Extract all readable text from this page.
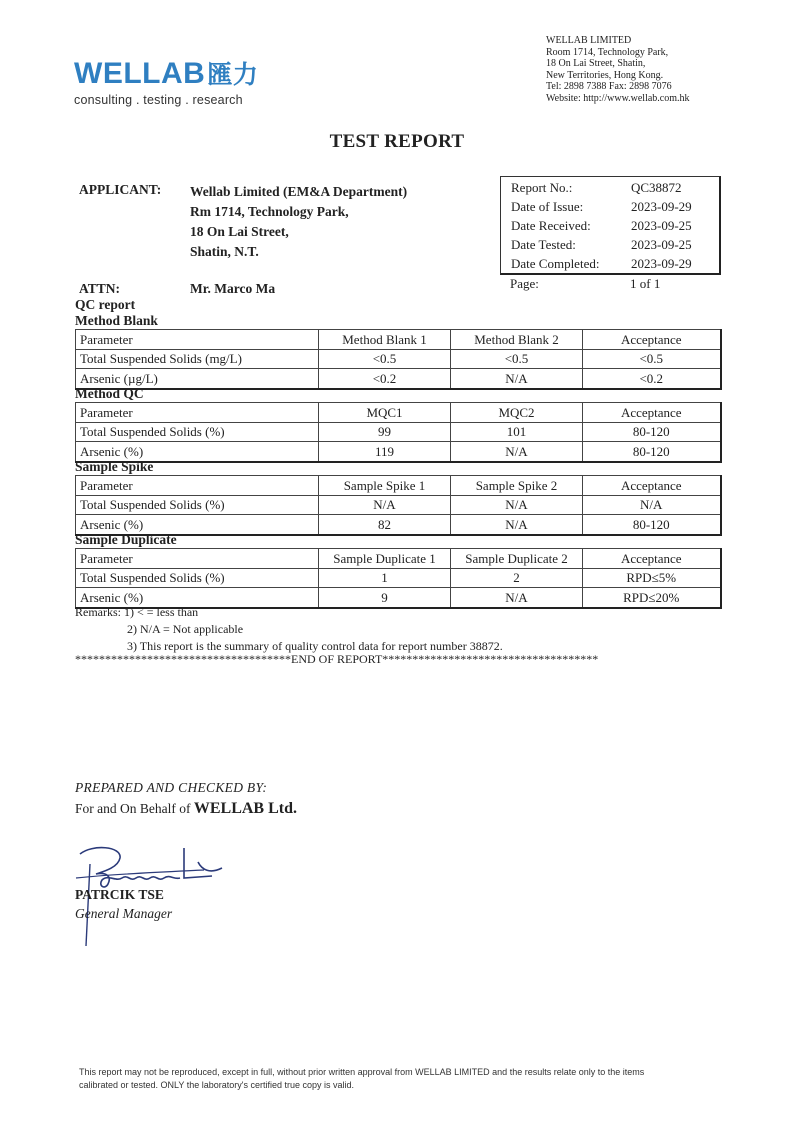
WELLAB匯力
consulting . testing . research
WELLAB LIMITED
Room 1714, Technology Park,
18 On Lai Street, Shatin,
New Territories, Hong Kong.
Tel: 2898 7388 Fax: 2898 7076
Website: http://www.wellab.com.hk
TEST REPORT
APPLICANT: Wellab Limited (EM&A Department)
Rm 1714, Technology Park,
18 On Lai Street,
Shatin, N.T.
Report No.:	QC38872
Date of Issue:	2023-09-29
Date Received:	2023-09-25
Date Tested:	2023-09-25
Date Completed: 2023-09-29
Page:	1 of 1
ATTN:	Mr. Marco Ma
QC report
Method Blank
Parameter	Method Blank 1	Method Blank 2	Acceptance
Total Suspended Solids (mg/L)	<0.5	<0.5	<0.5
Arsenic (µg/L)	<0.2	N/A	<0.2
Method QC
Parameter	MQC1	MQC2	Acceptance
Total Suspended Solids (%)	99	101	80-120
Arsenic (%)	119	N/A	80-120
Sample Spike
Parameter	Sample Spike 1	Sample Spike 2	Acceptance
Total Suspended Solids (%)	N/A	N/A	N/A
Arsenic (%)	82	N/A	80-120
Sample Duplicate
Parameter	Sample Duplicate 1	Sample Duplicate 2	Acceptance
Total Suspended Solids (%)	1	2	RPD≤5%
Arsenic (%)	9	N/A	RPD≤20%
Remarks: 1) < = less than
2) N/A = Not applicable
3) This report is the summary of quality control data for report number 38872.
************************************END OF REPORT************************************
PREPARED AND CHECKED BY:
For and On Behalf of WELLAB Ltd.
PATRCIK TSE
General Manager
This report may not be reproduced, except in full, without prior written approval from WELLAB LIMITED and the results relate only to the items
calibrated or tested. ONLY the laboratory's certified true copy is valid.
